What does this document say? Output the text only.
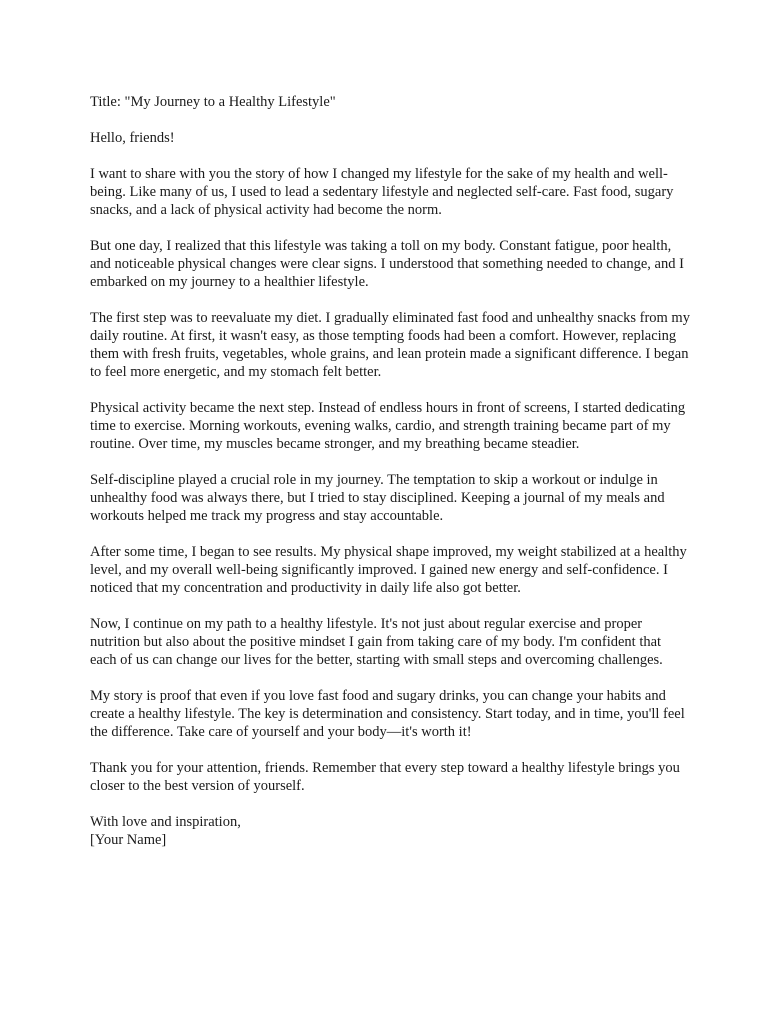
Title: "My Journey to a Healthy Lifestyle"

Hello, friends!

I want to share with you the story of how I changed my lifestyle for the sake of my health and well-being. Like many of us, I used to lead a sedentary lifestyle and neglected self-care. Fast food, sugary snacks, and a lack of physical activity had become the norm.

But one day, I realized that this lifestyle was taking a toll on my body. Constant fatigue, poor health, and noticeable physical changes were clear signs. I understood that something needed to change, and I embarked on my journey to a healthier lifestyle.

The first step was to reevaluate my diet. I gradually eliminated fast food and unhealthy snacks from my daily routine. At first, it wasn't easy, as those tempting foods had been a comfort. However, replacing them with fresh fruits, vegetables, whole grains, and lean protein made a significant difference. I began to feel more energetic, and my stomach felt better.

Physical activity became the next step. Instead of endless hours in front of screens, I started dedicating time to exercise. Morning workouts, evening walks, cardio, and strength training became part of my routine. Over time, my muscles became stronger, and my breathing became steadier.

Self-discipline played a crucial role in my journey. The temptation to skip a workout or indulge in unhealthy food was always there, but I tried to stay disciplined. Keeping a journal of my meals and workouts helped me track my progress and stay accountable.

After some time, I began to see results. My physical shape improved, my weight stabilized at a healthy level, and my overall well-being significantly improved. I gained new energy and self-confidence. I noticed that my concentration and productivity in daily life also got better.

Now, I continue on my path to a healthy lifestyle. It's not just about regular exercise and proper nutrition but also about the positive mindset I gain from taking care of my body. I'm confident that each of us can change our lives for the better, starting with small steps and overcoming challenges.

My story is proof that even if you love fast food and sugary drinks, you can change your habits and create a healthy lifestyle. The key is determination and consistency. Start today, and in time, you'll feel the difference. Take care of yourself and your body—it's worth it!

Thank you for your attention, friends. Remember that every step toward a healthy lifestyle brings you closer to the best version of yourself.

With love and inspiration,

[Your Name]
